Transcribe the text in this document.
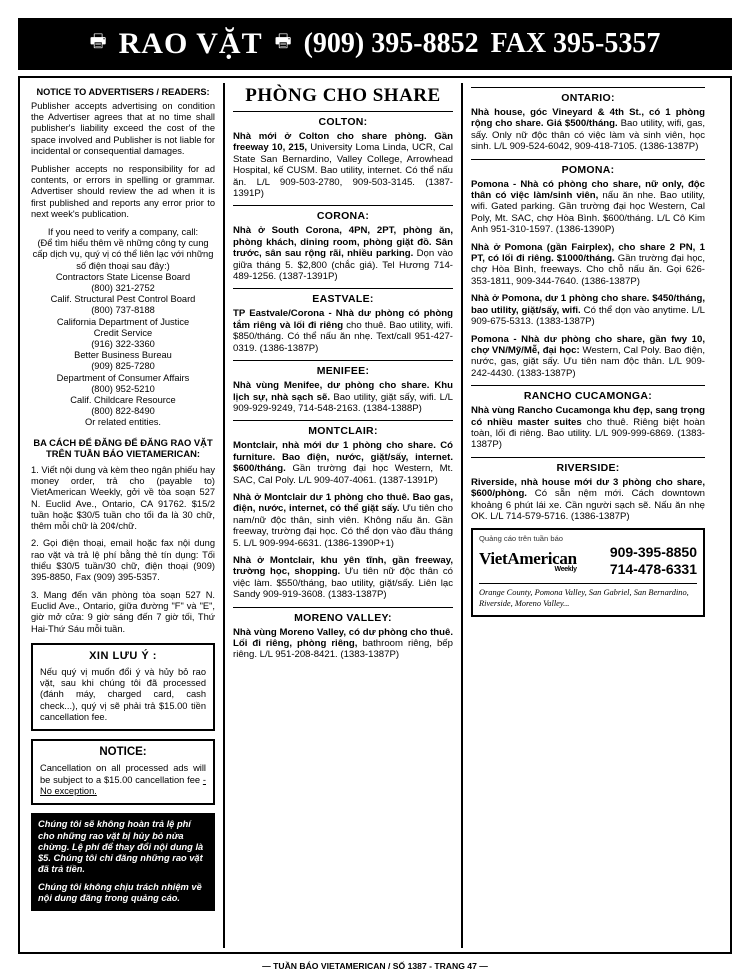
🖶 RAO VẶT 🖶 (909) 395-8852 FAX 395-5357
NOTICE TO ADVERTISERS / READERS:

Publisher accepts advertising on condition the Advertiser agrees that at no time shall publisher's liability exceed the cost of the space involved and Publisher is not liable for incidental or consequential damages.

Publisher accepts no responsibility for ad contents, or errors in spelling or grammar. Advertiser should review the ad when it is first published and reports any error prior to next week's publication.

If you need to verify a company, call:
(Để tìm hiểu thêm về những công ty cung cấp dịch vụ, quý vị có thể liên lạc với những số điện thoại sau đây:)
Contractors State License Board
(800) 321-2752
Calif. Structural Pest Control Board
(800) 737-8188
California Department of Justice
Credit Service
(916) 322-3360
Better Business Bureau
(909) 825-7280
Department of Consumer Affairs
(800) 952-5210
Calif. Childcare Resource
(800) 822-8490
Or related entities.
BA CÁCH ĐỂ ĐĂNG ĐỂ ĐĂNG RAO VẶT TRÊN TUẦN BÁO VIETAMERICAN:

1. Viết nội dung và kèm theo ngân phiếu hay money order, trả cho (payable to) VietAmerican Weekly, gởi về tòa soạn 527 N. Euclid Ave., Ontario, CA 91762. $15/2 tuần hoặc $30/5 tuần cho tối đa là 30 chữ, thêm mỗi chữ là 20¢/chữ.

2. Gọi điện thoại, email hoặc fax nội dung rao vặt và trả lệ phí bằng thẻ tín dụng: Tối thiểu $30/5 tuần/30 chữ, điện thoại (909) 395-8850, Fax (909) 395-5357.

3. Mang đến văn phòng tòa soạn 527 N. Euclid Ave., Ontario, giữa đường "F" và "E", giờ mở cửa: 9 giờ sáng đến 7 giờ tối, Thứ Hai-Thứ Sáu mỗi tuần.

XIN LƯU Ý :

Nếu quý vị muốn đổi ý và hủy bỏ rao vặt, sau khi chúng tôi đã processed (đánh máy, charged card, cash check...), quý vị sẽ phải trả $15.00 tiền cancellation fee.

NOTICE:

Cancellation on all processed ads will be subject to a $15.00 cancellation fee - No exception.

Chúng tôi sẽ không hoàn trả lệ phí cho những rao vặt bị hủy bỏ nửa chừng. Lệ phí để thay đổi nội dung là $5. Chúng tôi chỉ đăng những rao vặt đã trả tiền.

Chúng tôi không chịu trách nhiệm về nội dung đăng trong quảng cáo.

PHÒNG CHO SHARE
COLTON:

Nhà mới ở Colton cho share phòng. Gần freeway 10, 215, University Loma Linda, UCR, Cal State San Bernardino, Valley College, Arrowhead Hospital, kế CUSM. Bao utility, internet. Có thể nấu ăn. L/L 909-503-2780, 909-503-3145. (1387-1391P)

CORONA:

Nhà ở South Corona, 4PN, 2PT, phòng ăn, phòng khách, dining room, phòng giặt đồ. Sân trước, sân sau rộng rãi, nhiều parking. Dọn vào giữa tháng 5. $2,800 (chắc giá). Tel Hương 714-489-1256. (1387-1391P)

EASTVALE:

TP Eastvale/Corona - Nhà dư phòng có phòng tắm riêng và lối đi riêng cho thuê. Bao utility, wifi. $850/tháng. Có thể nấu ăn nhẹ. Text/call 951-427-0319. (1386-1387P)

MENIFEE:

Nhà vùng Menifee, dư phòng cho share. Khu lịch sự, nhà sạch sẽ. Bao utility, giặt sấy, wifi. L/L 909-929-9249, 714-548-2163. (1384-1388P)

MONTCLAIR:

Montclair, nhà mới dư 1 phòng cho share. Có furniture. Bao điện, nước, giặt/sấy, internet. $600/tháng. Gần trường đại học Western, Mt. SAC, Cal Poly. L/L 909-407-4061. (1387-1391P)

Nhà ở Montclair dư 1 phòng cho thuê. Bao gas, điện, nước, internet, có thể giặt sấy. Ưu tiên cho nam/nữ độc thân, sinh viên. Không nấu ăn. Gần freeway, trường đại học. Có thể dọn vào đầu tháng 5. L/L 909-994-6631. (1386-1390P+1)

Nhà ở Montclair, khu yên tĩnh, gần freeway, trường học, shopping. Ưu tiên nữ độc thân có việc làm. $550/tháng, bao utility, giặt/sấy. Liên lạc Sandy 909-919-3608. (1383-1387P)

MORENO VALLEY:

Nhà vùng Moreno Valley, có dư phòng cho thuê. Lối đi riêng, phòng riêng, bathroom riêng, bếp riêng. L/L 951-208-8421. (1383-1387P)

ONTARIO:

Nhà house, góc Vineyard & 4th St., có 1 phòng rộng cho share. Giá $500/tháng. Bao utility, wifi, gas, sấy. Only nữ độc thân có việc làm và sinh viên, học sinh. L/L 909-524-6042, 909-418-7105. (1386-1387P)

POMONA:

Pomona - Nhà có phòng cho share, nữ only, độc thân có việc làm/sinh viên, nấu ăn nhe. Bao utility, wifi. Gated parking. Gần trường đại học Western, Cal Poly, Mt. SAC, chợ Hòa Bình. $600/tháng. L/L Cô Kim Anh 951-310-1597. (1386-1390P)

Nhà ở Pomona (gần Fairplex), cho share 2 PN, 1 PT, có lối đi riêng. $1000/tháng. Gần trường đại học, chợ Hòa Bình, freeways. Cho chỗ nấu ăn. Gọi 626-353-1811, 909-344-7640. (1386-1387P)

Nhà ở Pomona, dư 1 phòng cho share. $450/tháng, bao utility, giặt/sấy, wifi. Có thể dọn vào anytime. L/L 909-675-5313. (1383-1387P)

Pomona - Nhà dư phòng cho share, gần fwy 10, chợ VN/Mỹ/Mễ, đại học: Western, Cal Poly. Bao điện, nước, gas, giặt sấy. Ưu tiên nam độc thân. L/L 909-242-4430. (1383-1387P)

RANCHO CUCAMONGA:

Nhà vùng Rancho Cucamonga khu đẹp, sang trọng có nhiều master suites cho thuê. Riêng biệt hoàn toàn, lối đi riêng. Bao utility. L/L 909-999-6869. (1383-1387P)

RIVERSIDE:

Riverside, nhà house mới dư 3 phòng cho share, $600/phòng. Có sẵn nệm mới. Cách downtown khoảng 6 phút lái xe. Cần người sạch sẽ. Nấu ăn nhẹ OK. L/L 714-579-5716. (1386-1387P)

Quảng cáo trên tuần báo
VietAmerican
Weekly
909-395-8850
714-478-6331
Orange County, Pomona Valley, San Gabriel, San Bernardino, Riverside, Moreno Valley...
— TUẦN BÁO VIETAMERICAN / SỐ 1387 - TRANG 47 —
